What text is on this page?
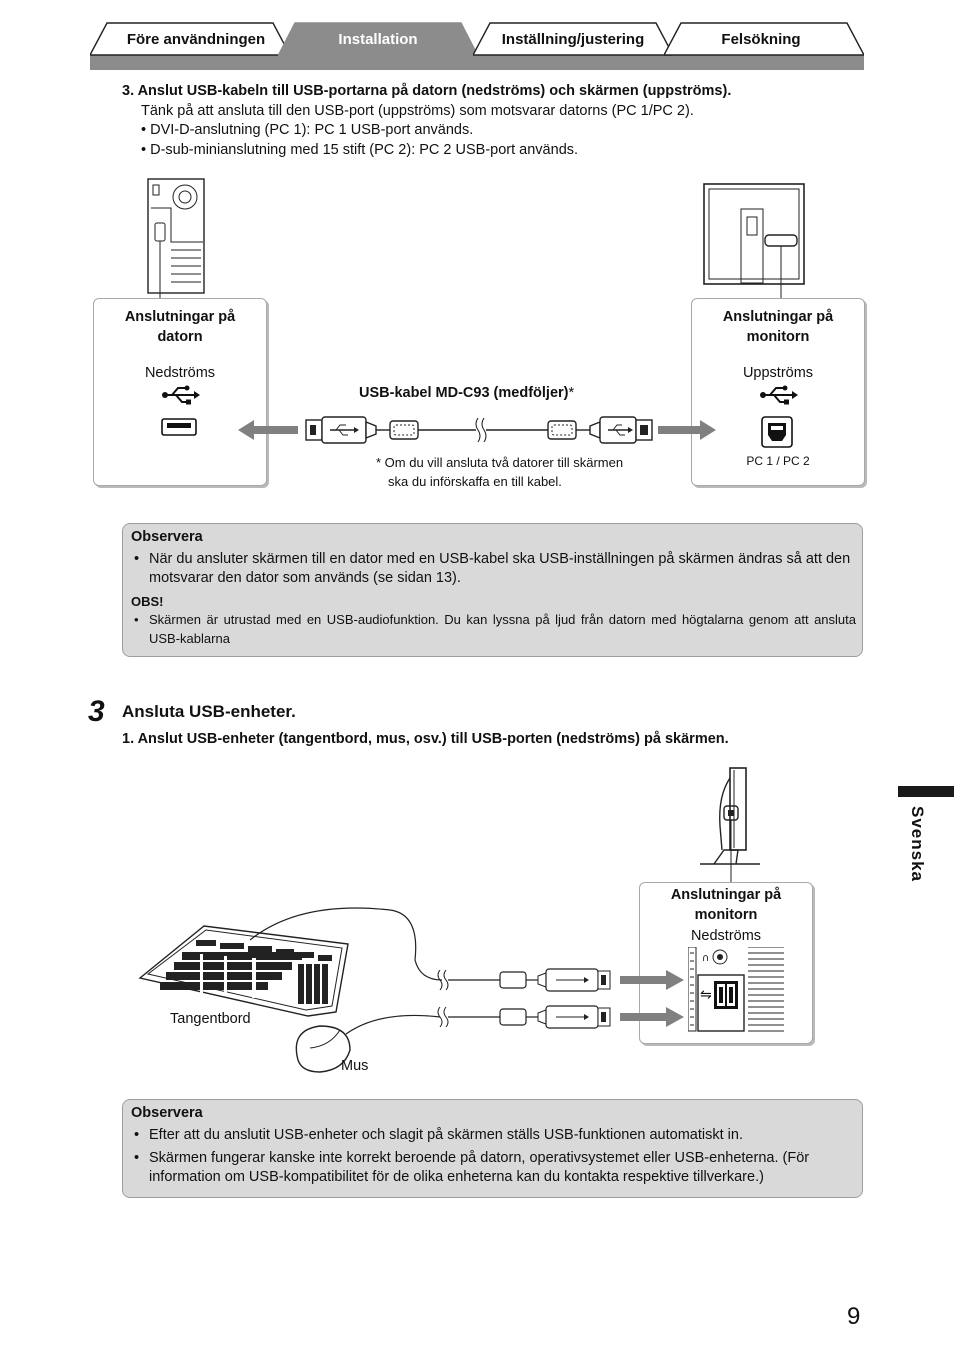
Före användningen	Installation	Inställning/justering	Felsökning
3. Anslut USB-kabeln till USB-portarna på datorn (nedströms) och skärmen (uppströms).
Tänk på att ansluta till den USB-port (uppströms) som motsvarar datorns (PC 1/PC 2).
• DVI-D-anslutning (PC 1): PC 1 USB-port används.
• D-sub-minianslutning med 15 stift (PC 2): PC 2 USB-port används.
Anslutningar på datorn
Nedströms
Anslutningar på monitorn
Uppströms
PC 1 / PC 2
USB-kabel MD-C93 (medföljer)*
* Om du vill ansluta två datorer till skärmen
ska du införskaffa en till kabel.
Observera
• När du ansluter skärmen till en dator med en USB-kabel ska USB-inställningen på skärmen ändras så att den motsvarar den dator som används (se sidan 13).
OBS!
• Skärmen är utrustad med en USB-audiofunktion. Du kan lyssna på ljud från datorn med högtalarna genom att ansluta USB-kablarna
3 Ansluta USB-enheter.
1. Anslut USB-enheter (tangentbord, mus, osv.) till USB-porten (nedströms) på skärmen.
Svenska
Anslutningar på monitorn
Nedströms
∩
⇋
Tangentbord
Mus
Observera
• Efter att du anslutit USB-enheter och slagit på skärmen ställs USB-funktionen automatiskt in.
• Skärmen fungerar kanske inte korrekt beroende på datorn, operativsystemet eller USB-enheterna. (För information om USB-kompatibilitet för de olika enheterna kan du kontakta respektive tillverkare.)
9
